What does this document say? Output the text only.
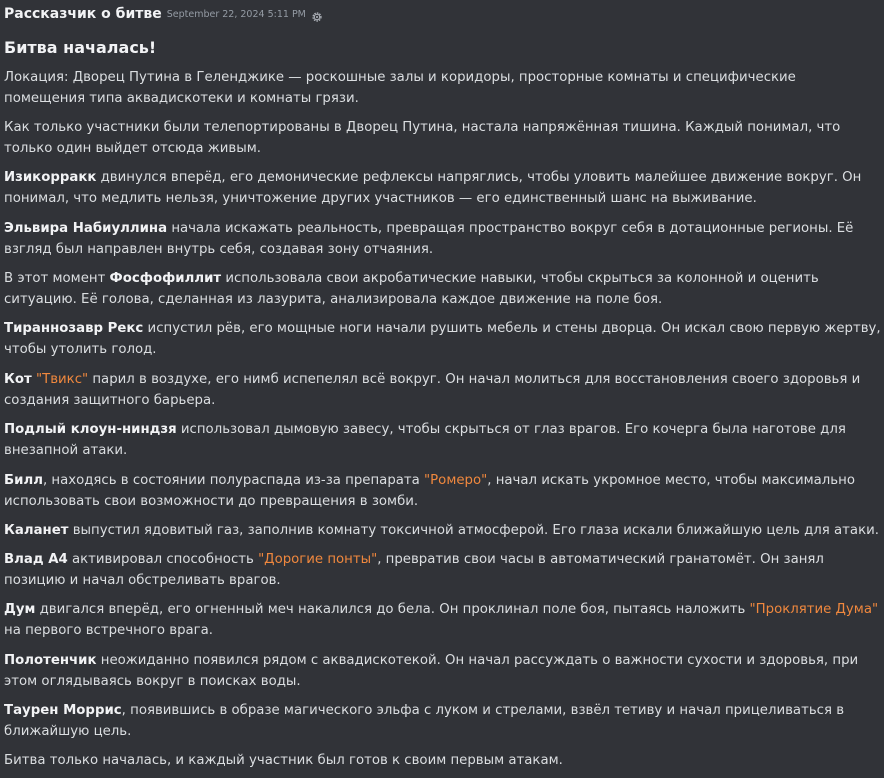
Рассказчик о битве September 22, 2024 5:11 PM
Битва началась!
Локация: Дворец Путина в Геленджике — роскошные залы и коридоры, просторные комнаты и специфические
помещения типа аквадискотеки и комнаты грязи.
Как только участники были телепортированы в Дворец Путина, настала напряжённая тишина. Каждый понимал, что
только один выйдет отсюда живым.
Изикорракк двинулся вперёд, его демонические рефлексы напряглись, чтобы уловить малейшее движение вокруг. Он
понимал, что медлить нельзя, уничтожение других участников — его единственный шанс на выживание.
Эльвира Набиуллина начала искажать реальность, превращая пространство вокруг себя в дотационные регионы. Её
взгляд был направлен внутрь себя, создавая зону отчаяния.
В этот момент Фосфофиллит использовала свои акробатические навыки, чтобы скрыться за колонной и оценить
ситуацию. Её голова, сделанная из лазурита, анализировала каждое движение на поле боя.
Тираннозавр Рекс испустил рёв, его мощные ноги начали рушить мебель и стены дворца. Он искал свою первую жертву,
чтобы утолить голод.
Кот "Твикс" парил в воздухе, его нимб испепелял всё вокруг. Он начал молиться для восстановления своего здоровья и
создания защитного барьера.
Подлый клоун-ниндзя использовал дымовую завесу, чтобы скрыться от глаз врагов. Его кочерга была наготове для
внезапной атаки.
Билл, находясь в состоянии полураспада из-за препарата "Ромеро", начал искать укромное место, чтобы максимально
использовать свои возможности до превращения в зомби.
Каланет выпустил ядовитый газ, заполнив комнату токсичной атмосферой. Его глаза искали ближайшую цель для атаки.
Влад А4 активировал способность "Дорогие понты", превратив свои часы в автоматический гранатомёт. Он занял
позицию и начал обстреливать врагов.
Дум двигался вперёд, его огненный меч накалился до бела. Он проклинал поле боя, пытаясь наложить "Проклятие Дума"
на первого встречного врага.
Полотенчик неожиданно появился рядом с аквадискотекой. Он начал рассуждать о важности сухости и здоровья, при
этом оглядываясь вокруг в поисках воды.
Таурен Моррис, появившись в образе магического эльфа с луком и стрелами, взвёл тетиву и начал прицеливаться в
ближайшую цель.
Битва только началась, и каждый участник был готов к своим первым атакам.
